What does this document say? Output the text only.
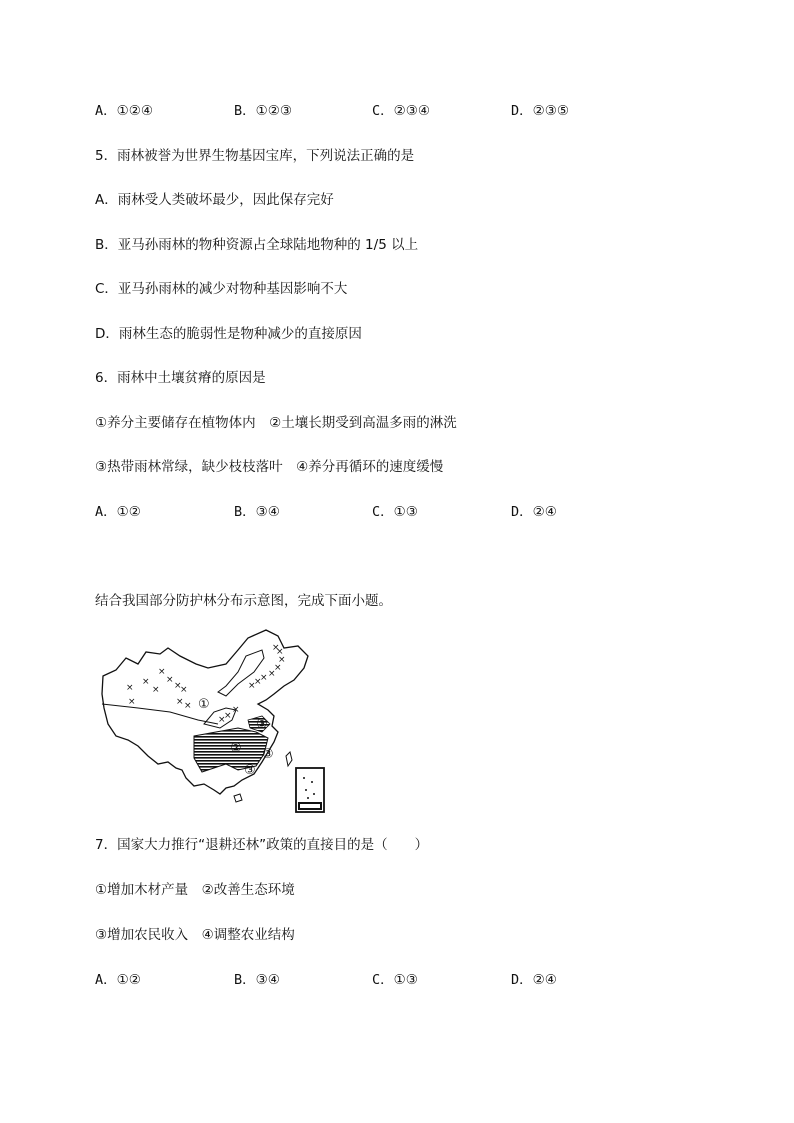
A．①②④	B．①②③	C．②③④	D．②③⑤
5．雨林被誉为世界生物基因宝库，下列说法正确的是
A．雨林受人类破坏最少，因此保存完好
B．亚马孙雨林的物种资源占全球陆地物种的 1/5 以上
C．亚马孙雨林的减少对物种基因影响不大
D．雨林生态的脆弱性是物种减少的直接原因
6．雨林中土壤贫瘠的原因是
①养分主要储存在植物体内　②土壤长期受到高温多雨的淋洗
③热带雨林常绿，缺少枝枝落叶　④养分再循环的速度缓慢
A．①②	B．③④	C．①③	D．②④
结合我国部分防护林分布示意图，完成下面小题。
×
×
×
×
×
×
×
×	× ×
×
×
× ×
×
×
×
×
×
×
×
①
②
③
③
③
7．国家大力推行“退耕还林”政策的直接目的是（　　）
①增加木材产量　②改善生态环境
③增加农民收入　④调整农业结构
A．①②	B．③④	C．①③	D．②④
